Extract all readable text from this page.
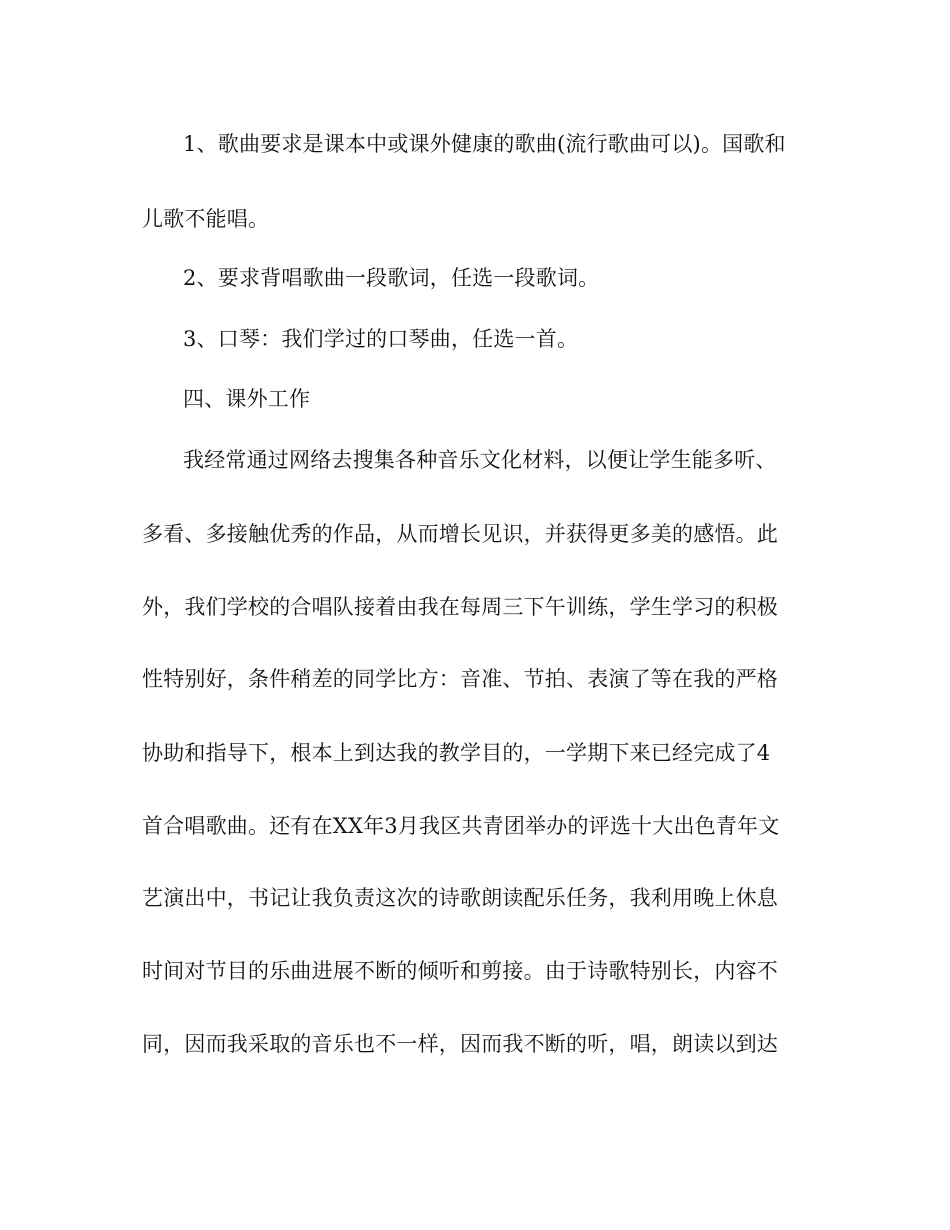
1、歌曲要求是课本中或课外健康的歌曲(流行歌曲可以)。国歌和
儿歌不能唱。
2、要求背唱歌曲一段歌词，任选一段歌词。
3、口琴：我们学过的口琴曲，任选一首。
四、课外工作
我经常通过网络去搜集各种音乐文化材料，以便让学生能多听、
多看、多接触优秀的作品，从而增长见识，并获得更多美的感悟。此
外，我们学校的合唱队接着由我在每周三下午训练，学生学习的积极
性特别好，条件稍差的同学比方：音准、节拍、表演了等在我的严格
协助和指导下，根本上到达我的教学目的，一学期下来已经完成了4
首合唱歌曲。还有在XX年3月我区共青团举办的评选十大出色青年文
艺演出中，书记让我负责这次的诗歌朗读配乐任务，我利用晚上休息
时间对节目的乐曲进展不断的倾听和剪接。由于诗歌特别长，内容不
同，因而我采取的音乐也不一样，因而我不断的听，唱，朗读以到达
